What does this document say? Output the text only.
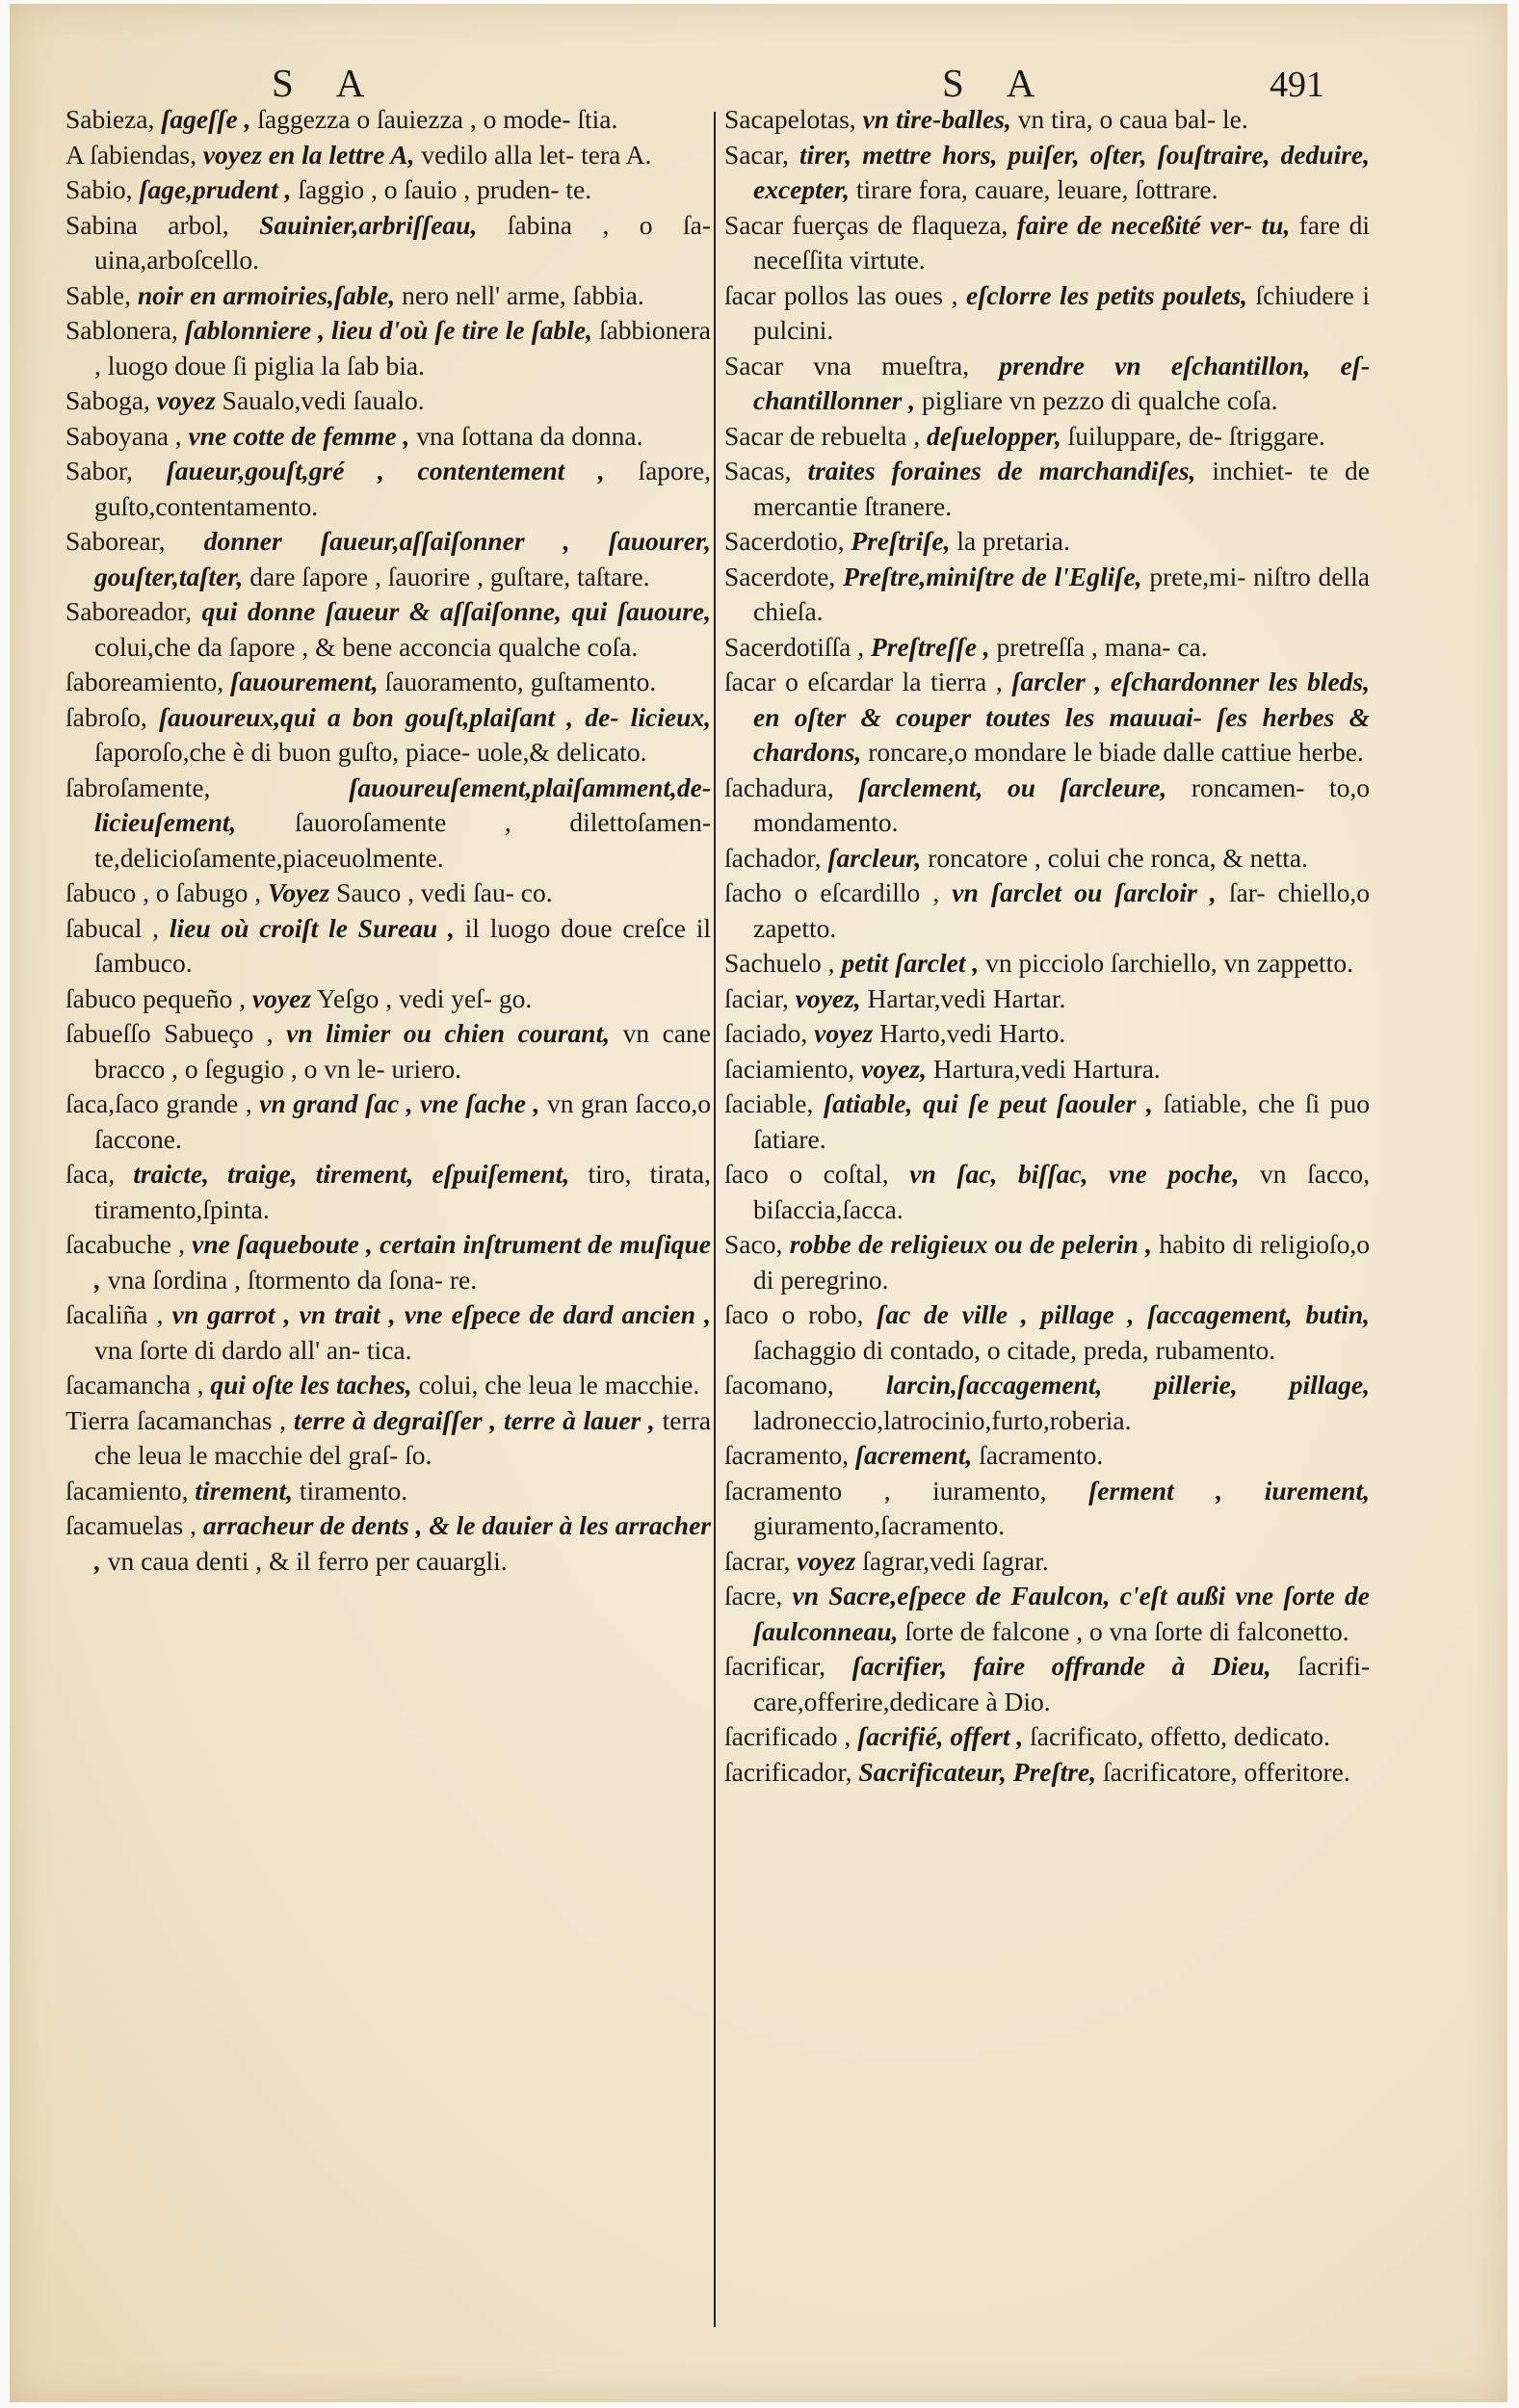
S A	S A	491

Sabieza, ſageſſe , ſaggezza o ſauiezza , o mode- ſtia.

A ſabiendas, voyez en la lettre A, vedilo alla let- tera A.

Sabio, ſage,prudent , ſaggio , o ſauio , pruden- te.

Sabina arbol, Sauinier,arbriſſeau, ſabina , o ſa- uina,arboſcello.

Sable, noir en armoiries,ſable, nero nell' arme, ſabbia.

Sablonera, ſablonniere , lieu d'où ſe tire le ſable, ſabbionera , luogo doue ſi piglia la ſab bia.

Saboga, voyez Saualo,vedi ſaualo.

Saboyana , vne cotte de femme , vna ſottana da donna.

Sabor, ſaueur,gouſt,gré , contentement , ſapore, guſto,contentamento.

Saborear, donner ſaueur,aſſaiſonner , ſauourer, gouſter,taſter, dare ſapore , ſauorire , guſtare, taſtare.

Saboreador, qui donne ſaueur & aſſaiſonne, qui ſauoure, colui,che da ſapore , & bene acconcia qualche coſa.

ſaboreamiento, ſauourement, ſauoramento, guſtamento.

ſabroſo, ſauoureux,qui a bon gouſt,plaiſant , de- licieux, ſaporoſo,che è di buon guſto, piace- uole,& delicato.

ſabroſamente,	ſauoureuſement,plaiſamment,de- licieuſement, ſauoroſamente , dilettoſamen- te,delicioſamente,piaceuolmente.

ſabuco , o ſabugo , Voyez Sauco , vedi ſau- co.

ſabucal , lieu où croiſt le Sureau , il luogo doue creſce il ſambuco.

ſabuco pequeño , voyez Yeſgo , vedi yeſ- go.

ſabueſſo Sabueço , vn limier ou chien courant, vn cane bracco , o ſegugio , o vn le- uriero.

ſaca,ſaco grande , vn grand ſac , vne ſache , vn gran ſacco,o ſaccone.

ſaca, traicte, traige, tirement, eſpuiſement, tiro, tirata, tiramento,ſpinta.

ſacabuche , vne ſaqueboute , certain inſtrument de muſique , vna ſordina , ſtormento da ſona- re.

ſacaliña , vn garrot , vn trait , vne eſpece de dard ancien , vna ſorte di dardo all' an- tica.

ſacamancha , qui oſte les taches, colui, che leua le macchie.

Tierra ſacamanchas , terre à degraiſſer , terre à lauer , terra che leua le macchie del graſ- ſo.

ſacamiento, tirement, tiramento.

ſacamuelas , arracheur de dents , & le dauier à les arracher , vn caua denti , & il ferro per cauargli.

Sacapelotas, vn tire-balles, vn tira, o caua bal- le.

Sacar, tirer, mettre hors, puiſer, oſter, ſouſtraire, deduire, excepter, tirare fora, cauare, leuare, ſottrare.

Sacar fuerças de flaqueza, faire de neceßité ver- tu, fare di neceſſita virtute.

ſacar pollos las oues , eſclorre les petits poulets, ſchiudere i pulcini.

Sacar vna mueſtra, prendre vn eſchantillon, eſ- chantillonner , pigliare vn pezzo di qualche coſa.

Sacar de rebuelta , deſuelopper, ſuiluppare, de- ſtriggare.

Sacas, traites foraines de marchandiſes, inchiet- te de mercantie ſtranere.

Sacerdotio, Preſtriſe, la pretaria.

Sacerdote, Preſtre,miniſtre de l'Egliſe, prete,mi- niſtro della chieſa.

Sacerdotiſſa , Preſtreſſe , pretreſſa , mana- ca.

ſacar o eſcardar la tierra , ſarcler , eſchardonner les bleds, en oſter & couper toutes les mauuai- ſes herbes & chardons, roncare,o mondare le biade dalle cattiue herbe.

ſachadura, ſarclement, ou ſarcleure, roncamen- to,o mondamento.

ſachador, ſarcleur, roncatore , colui che ronca, & netta.

ſacho o eſcardillo , vn ſarclet ou ſarcloir , ſar- chiello,o zapetto.

Sachuelo , petit ſarclet , vn picciolo ſarchiello, vn zappetto.

ſaciar, voyez, Hartar,vedi Hartar.

ſaciado, voyez Harto,vedi Harto.

ſaciamiento, voyez, Hartura,vedi Hartura.

ſaciable, ſatiable, qui ſe peut ſaouler , ſatiable, che ſi puo ſatiare.

ſaco o coſtal, vn ſac, biſſac, vne poche, vn ſacco, biſaccia,ſacca.

Saco, robbe de religieux ou de pelerin , habito di religioſo,o di peregrino.

ſaco o robo, ſac de ville , pillage , ſaccagement, butin, ſachaggio di contado, o citade, preda, rubamento.

ſacomano, larcin,ſaccagement, pillerie, pillage, ladroneccio,latrocinio,furto,roberia.

ſacramento, ſacrement, ſacramento.

ſacramento , iuramento, ſerment , iurement, giuramento,ſacramento.

ſacrar, voyez ſagrar,vedi ſagrar.

ſacre, vn Sacre,eſpece de Faulcon, c'eſt außi vne ſorte de ſaulconneau, ſorte de falcone , o vna ſorte di falconetto.

ſacrificar, ſacrifier, faire offrande à Dieu, ſacrifi- care,offerire,dedicare à Dio.

ſacrificado , ſacrifié, offert , ſacrificato, offetto, dedicato.

ſacrificador, Sacrificateur, Preſtre, ſacrificatore, offeritore.
